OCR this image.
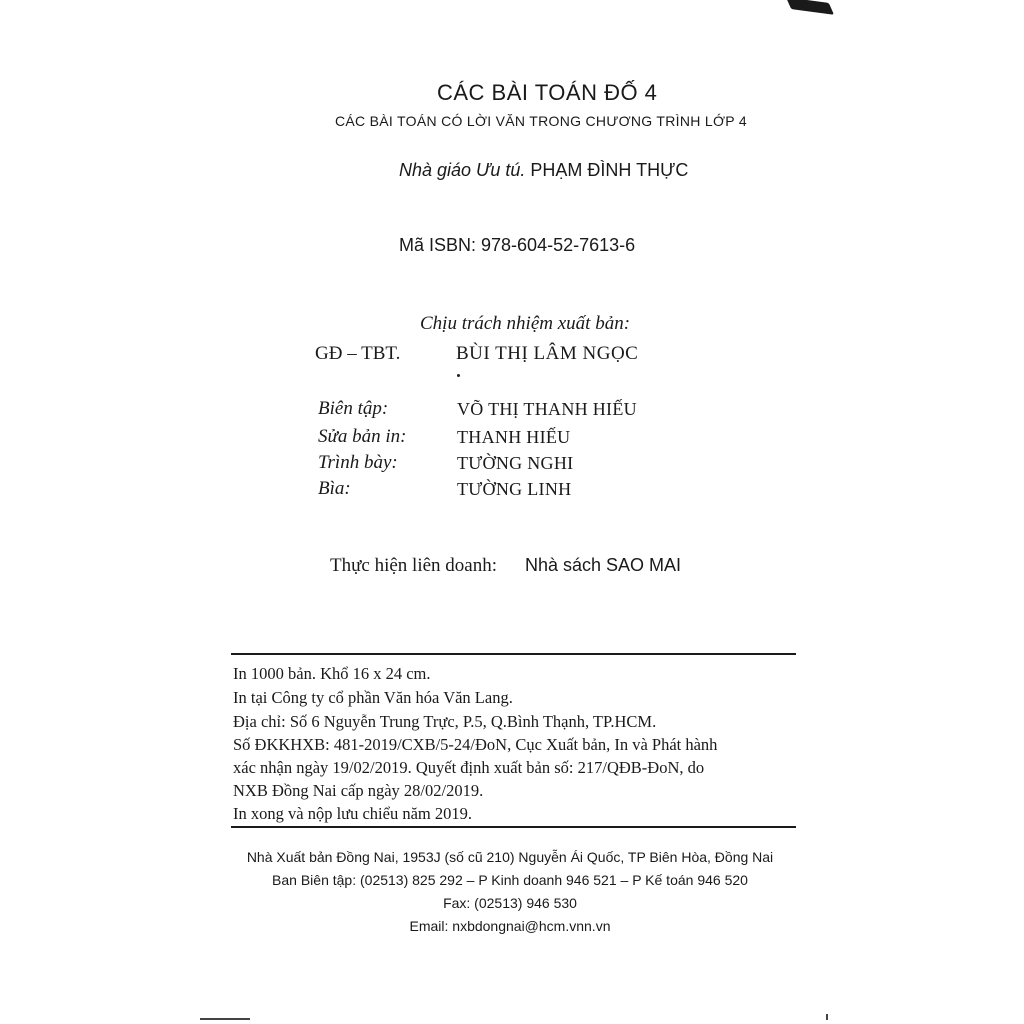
CÁC BÀI TOÁN ĐỐ 4
CÁC BÀI TOÁN CÓ LỜI VĂN TRONG CHƯƠNG TRÌNH LỚP 4
Nhà giáo Ưu tú. PHẠM ĐÌNH THỰC
Mã ISBN: 978-604-52-7613-6
Chịu trách nhiệm xuất bản:
GĐ – TBT.	BÙI THỊ LÂM NGỌC
Biên tập:	VÕ THỊ THANH HIẾU
Sửa bản in:	THANH HIẾU
Trình bày:	TƯỜNG NGHI
Bìa:	TƯỜNG LINH
Thực hiện liên doanh: Nhà sách SAO MAI
In 1000 bản. Khổ 16 x 24 cm.
In tại Công ty cổ phần Văn hóa Văn Lang.
Địa chỉ: Số 6 Nguyễn Trung Trực, P.5, Q.Bình Thạnh, TP.HCM.
Số ĐKKHXB: 481-2019/CXB/5-24/ĐoN, Cục Xuất bản, In và Phát hành
xác nhận ngày 19/02/2019. Quyết định xuất bản số: 217/QĐB-ĐoN, do
NXB Đồng Nai cấp ngày 28/02/2019.
In xong và nộp lưu chiểu năm 2019.
Nhà Xuất bản Đồng Nai, 1953J (số cũ 210) Nguyễn Ái Quốc, TP Biên Hòa, Đồng Nai
Ban Biên tập: (02513) 825 292 – P Kinh doanh 946 521 – P Kế toán 946 520
Fax: (02513) 946 530
Email: nxbdongnai@hcm.vnn.vn
